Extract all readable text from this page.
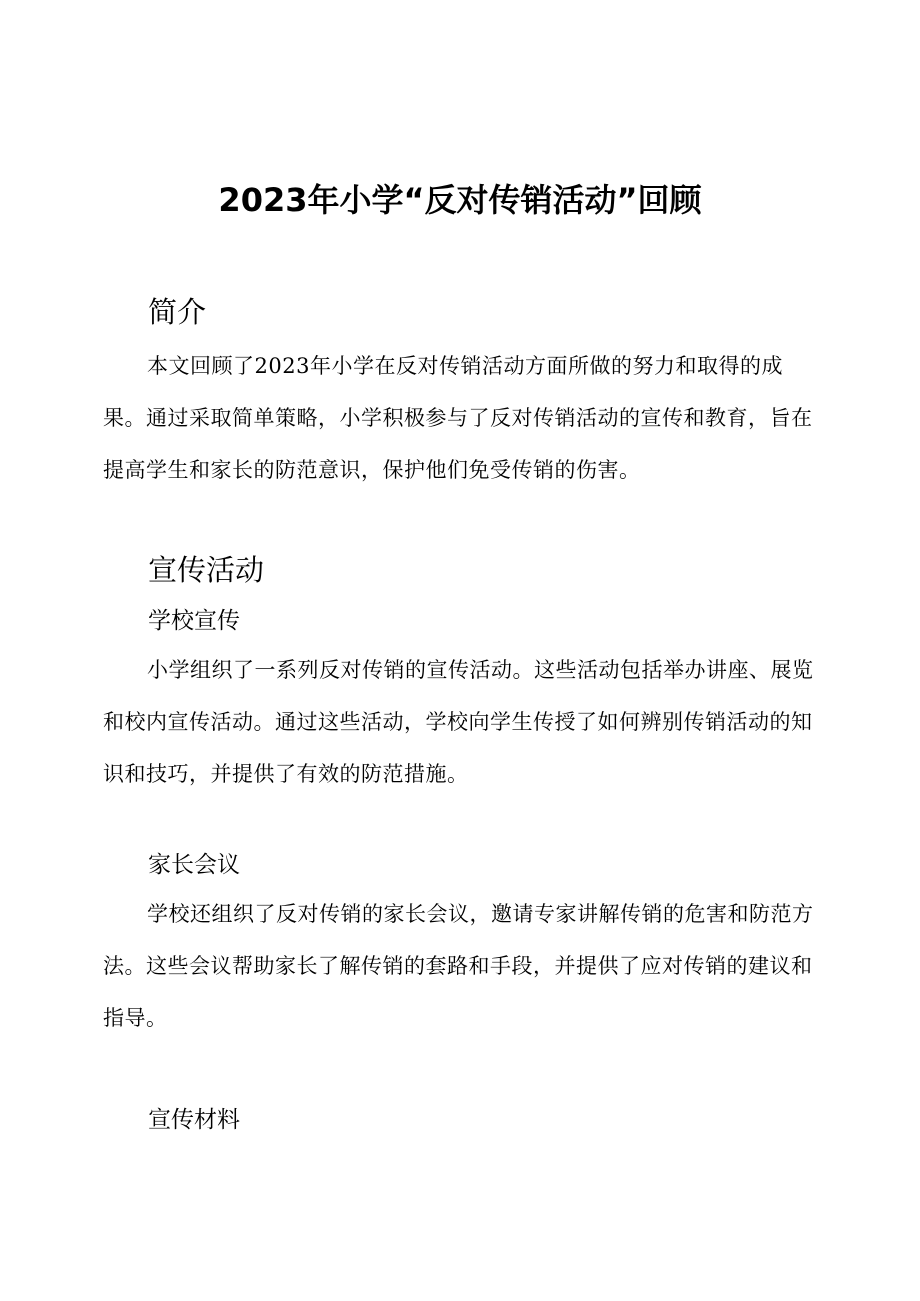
2023年小学“反对传销活动”回顾
简介

本文回顾了2023年小学在反对传销活动方面所做的努力和取得的成果。通过采取简单策略，小学积极参与了反对传销活动的宣传和教育，旨在提高学生和家长的防范意识，保护他们免受传销的伤害。

宣传活动
学校宣传

小学组织了一系列反对传销的宣传活动。这些活动包括举办讲座、展览和校内宣传活动。通过这些活动，学校向学生传授了如何辨别传销活动的知识和技巧，并提供了有效的防范措施。

家长会议

学校还组织了反对传销的家长会议，邀请专家讲解传销的危害和防范方法。这些会议帮助家长了解传销的套路和手段，并提供了应对传销的建议和指导。

宣传材料
